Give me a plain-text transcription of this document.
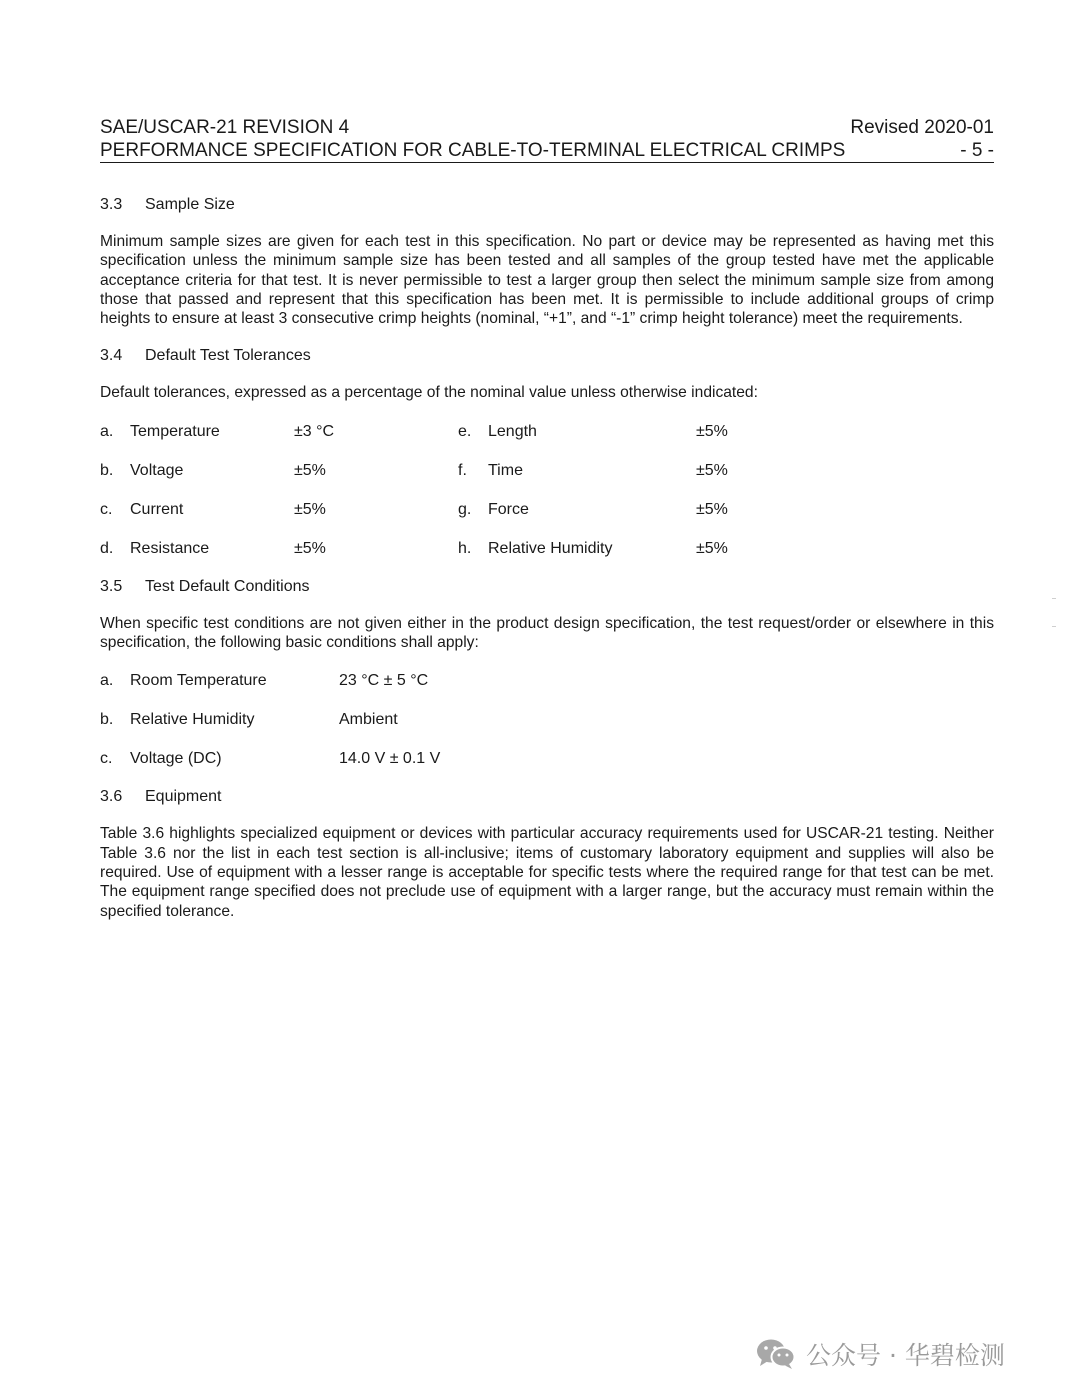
SAE/USCAR-21 REVISION 4	Revised 2020-01
PERFORMANCE SPECIFICATION FOR CABLE-TO-TERMINAL ELECTRICAL CRIMPS	- 5 -
3.3	Sample Size
Minimum sample sizes are given for each test in this specification. No part or device may be represented as having met this specification unless the minimum sample size has been tested and all samples of the group tested have met the applicable acceptance criteria for that test. It is never permissible to test a larger group then select the minimum sample size from among those that passed and represent that this specification has been met. It is permissible to include additional groups of crimp heights to ensure at least 3 consecutive crimp heights (nominal, “+1”, and “-1” crimp height tolerance) meet the requirements.
3.4	Default Test Tolerances
Default tolerances, expressed as a percentage of the nominal value unless otherwise indicated:
a.	Temperature	±3 °C	e.	Length	±5%
b.	Voltage	±5%	f.	Time	±5%
c.	Current	±5%	g.	Force	±5%
d.	Resistance	±5%	h.	Relative Humidity	±5%
3.5	Test Default Conditions
When specific test conditions are not given either in the product design specification, the test request/order or elsewhere in this specification, the following basic conditions shall apply:
a.	Room Temperature	23 °C ± 5 °C
b.	Relative Humidity	Ambient
c.	Voltage (DC)	14.0 V ± 0.1 V
3.6	Equipment
Table 3.6 highlights specialized equipment or devices with particular accuracy requirements used for USCAR-21 testing. Neither Table 3.6 nor the list in each test section is all-inclusive; items of customary laboratory equipment and supplies will also be required. Use of equipment with a lesser range is acceptable for specific tests where the required range for that test can be met. The equipment range specified does not preclude use of equipment with a larger range, but the accuracy must remain within the specified tolerance.
公众号 · 华碧检测
